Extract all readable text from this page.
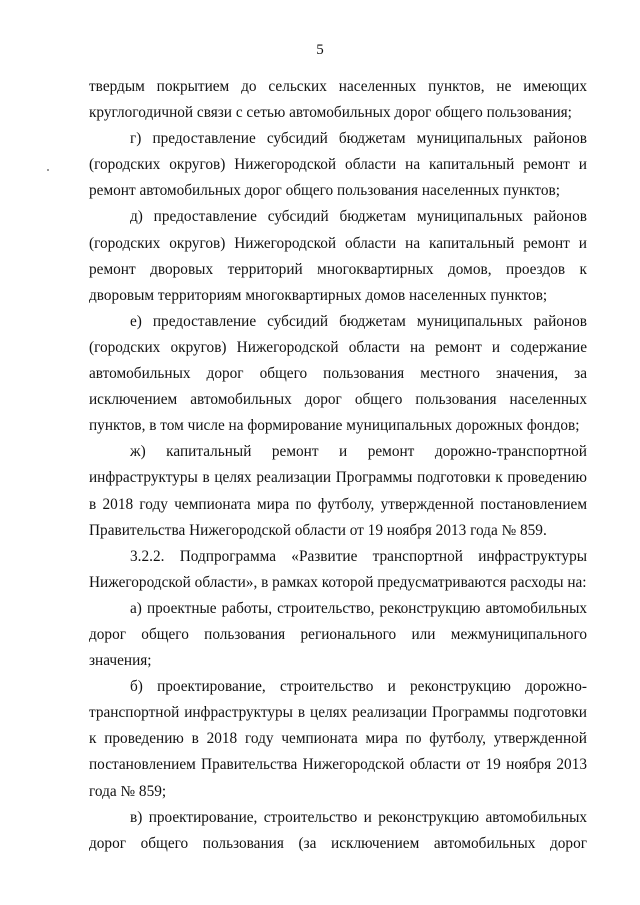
5
твердым покрытием до сельских населенных пунктов, не имеющих
круглогодичной связи с сетью автомобильных дорог общего пользования;
г) предоставление субсидий бюджетам муниципальных районов
(городских округов) Нижегородской области на капитальный ремонт и
ремонт автомобильных дорог общего пользования населенных пунктов;
д) предоставление субсидий бюджетам муниципальных районов
(городских округов) Нижегородской области на капитальный ремонт и
ремонт дворовых территорий многоквартирных домов, проездов к
дворовым территориям многоквартирных домов населенных пунктов;
е) предоставление субсидий бюджетам муниципальных районов
(городских округов) Нижегородской области на ремонт и содержание
автомобильных дорог общего пользования местного значения, за
исключением автомобильных дорог общего пользования населенных
пунктов, в том числе на формирование муниципальных дорожных фондов;
ж) капитальный ремонт и ремонт дорожно-транспортной
инфраструктуры в целях реализации Программы подготовки к проведению
в 2018 году чемпионата мира по футболу, утвержденной постановлением
Правительства Нижегородской области от 19 ноября 2013 года № 859.
3.2.2. Подпрограмма «Развитие транспортной инфраструктуры
Нижегородской области», в рамках которой предусматриваются расходы на:
а) проектные работы, строительство, реконструкцию автомобильных
дорог общего пользования регионального или межмуниципального
значения;
б) проектирование, строительство и реконструкцию дорожно-
транспортной инфраструктуры в целях реализации Программы подготовки
к проведению в 2018 году чемпионата мира по футболу, утвержденной
постановлением Правительства Нижегородской области от 19 ноября 2013
года № 859;
в) проектирование, строительство и реконструкцию автомобильных
дорог общего пользования (за исключением автомобильных дорог
